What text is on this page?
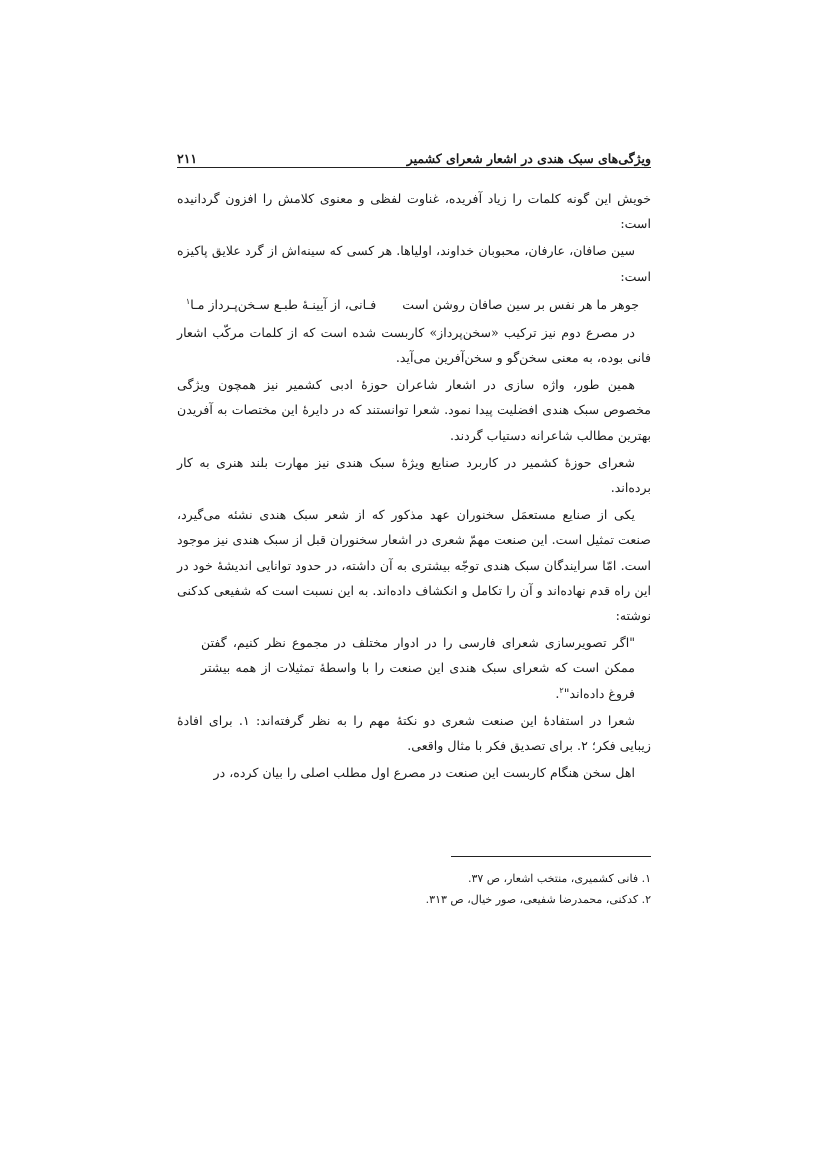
ویژگی‌های سبک هندی در اشعار شعرای کشمیر
۲۱۱

خویش این گونه کلمات را زیاد آفریده، غناوت لفظی و معنوی کلامش را افزون گردانیده است:

سین صافان، عارفان، محبوبان خداوند، اولیاها. هر کسی که سینه‌اش از گرد علایق پاکیزه است:

جوهر ما هر نفس بر سین صافان روشن است
فـانی، از آیینـهٔ طبـع سـخن‌پـرداز مـا$^۱$

در مصرع دوم نیز ترکیب «سخن‌پرداز» کاربست شده است که از کلمات مرکّب اشعار فانی بوده، به معنی سخن‌گو و سخن‌آفرین می‌آید.

همین طور، واژه سازی در اشعار شاعران حوزهٔ ادبی کشمیر نیز همچون ویژگی مخصوص سبک هندی افضلیت پیدا نمود. شعرا توانستند که در دایرهٔ این مختصات به آفریدن بهترین مطالب شاعرانه دستیاب گردند.

شعرای حوزهٔ کشمیر در کاربرد صنایع ویژهٔ سبک هندی نیز مهارت بلند هنری به کار برده‌اند.

یکی از صنایع مستعمَل سخنوران عهد مذکور که از شعر سبک هندی نشئه می‌گیرد، صنعت تمثیل است. این صنعت مهمّ شعری در اشعار سخنوران قبل از سبک هندی نیز موجود است. امّا سرایندگان سبک هندی توجّه بیشتری به آن داشته، در حدود توانایی اندیشهٔ خود در این راه قدم نهاده‌اند و آن را تکامل و انکشاف داده‌اند. به این نسبت است که شفیعی کدکنی نوشته:

"اگر تصویرسازی شعرای فارسی را در ادوار مختلف در مجموع نظر کنیم، گفتن ممکن است که شعرای سبک هندی این صنعت را با واسطهٔ تمثیلات از همه بیشتر فروغ داده‌اند"$^۲$.

شعرا در استفادهٔ این صنعت شعری دو نکتهٔ مهم را به نظر گرفته‌اند: ۱. برای افادهٔ زیبایی فکر؛ ۲. برای تصدیق فکر با مثال واقعی.

اهل سخن هنگام کاربست این صنعت در مصرع اول مطلب اصلی را بیان کرده، در

۱. فانی کشمیری، منتخب اشعار، ص ۳۷.
۲. کدکنی، محمدرضا شفیعی، صور خیال، ص ۳۱۳.
